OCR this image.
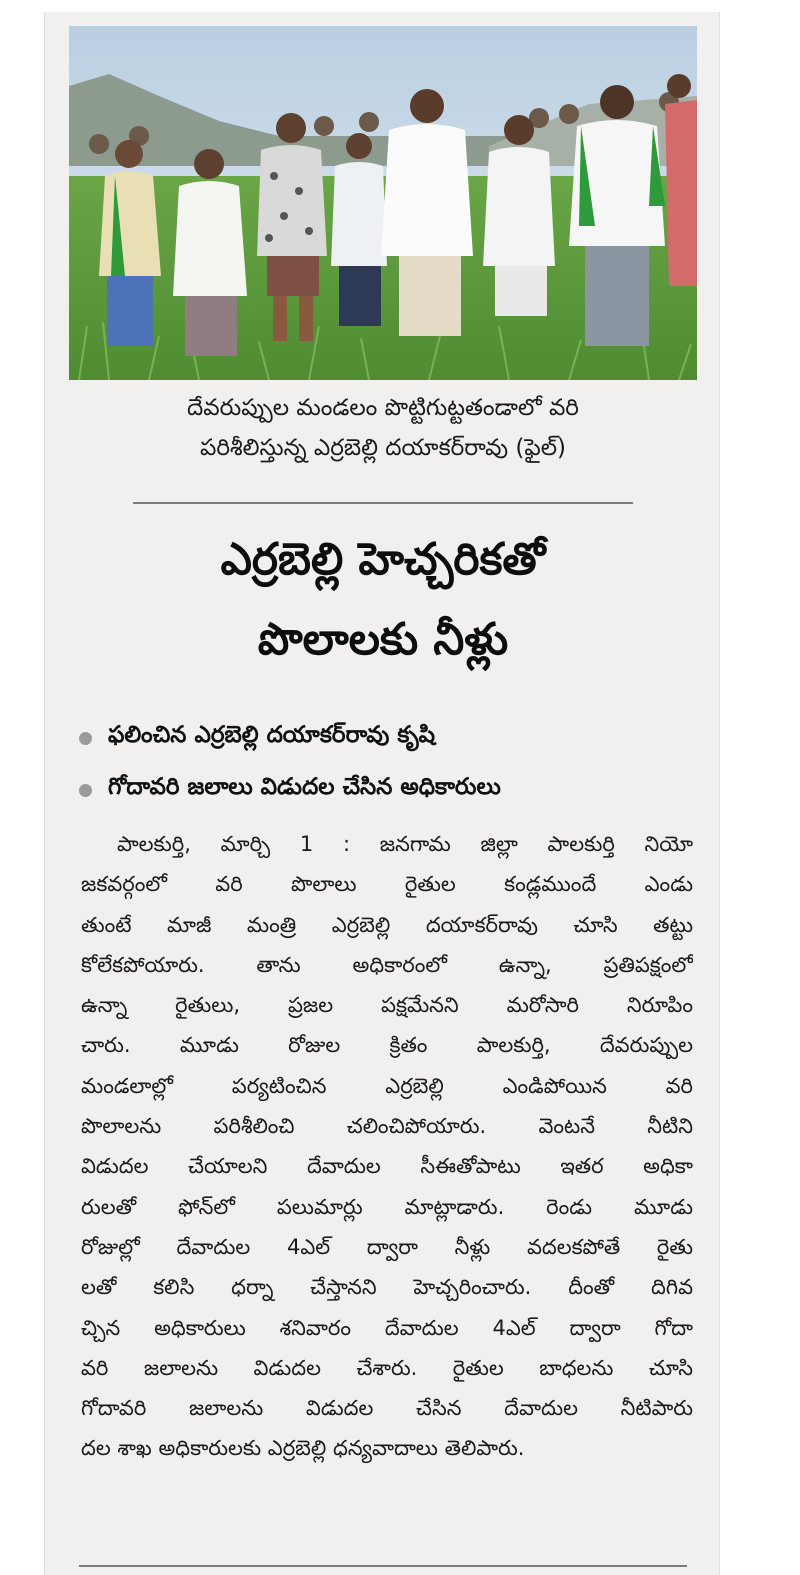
దేవరుప్పుల మండలం పొట్టిగుట్టతండాలో వరి
పరిశీలిస్తున్న ఎర్రబెల్లి దయాకర్‌రావు (ఫైల్)
ఎర్రబెల్లి హెచ్చరికతో
పొలాలకు నీళ్లు
ఫలించిన ఎర్రబెల్లి దయాకర్‌రావు కృషి
గోదావరి జలాలు విడుదల చేసిన అధికారులు
పాలకుర్తి, మార్చి 1 : జనగామ జిల్లా పాలకుర్తి నియో
జకవర్గంలో వరి పొలాలు రైతుల కండ్లముందే ఎండు
తుంటే మాజీ మంత్రి ఎర్రబెల్లి దయాకర్‌రావు చూసి తట్టు
కోలేకపోయారు. తాను అధికారంలో ఉన్నా, ప్రతిపక్షంలో
ఉన్నా రైతులు, ప్రజల పక్షమేనని మరోసారి నిరూపిం
చారు. మూడు రోజుల క్రితం పాలకుర్తి, దేవరుప్పుల
మండలాల్లో పర్యటించిన ఎర్రబెల్లి ఎండిపోయిన వరి
పొలాలను పరిశీలించి చలించిపోయారు. వెంటనే నీటిని
విడుదల చేయాలని దేవాదుల సీఈతోపాటు ఇతర అధికా
రులతో ఫోన్‌లో పలుమార్లు మాట్లాడారు. రెండు మూడు
రోజుల్లో దేవాదుల 4ఎల్ ద్వారా నీళ్లు వదలకపోతే రైతు
లతో కలిసి ధర్నా చేస్తానని హెచ్చరించారు. దీంతో దిగివ
చ్చిన అధికారులు శనివారం దేవాదుల 4ఎల్ ద్వారా గోదా
వరి జలాలను విడుదల చేశారు. రైతుల బాధలను చూసి
గోదావరి జలాలను విడుదల చేసిన దేవాదుల నీటిపారు
దల శాఖ అధికారులకు ఎర్రబెల్లి ధన్యవాదాలు తెలిపారు.
